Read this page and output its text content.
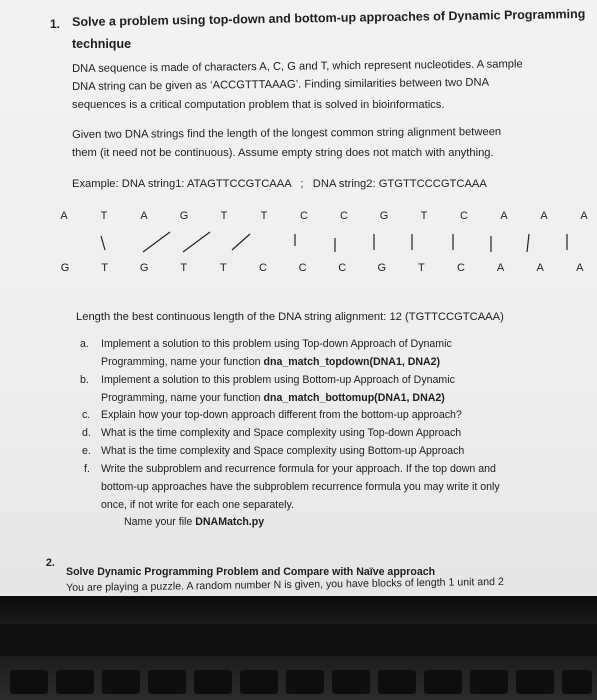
1. Solve a problem using top-down and bottom-up approaches of Dynamic Programming
technique
DNA sequence is made of characters A, C, G and T, which represent nucleotides. A sample
DNA string can be given as ‘ACCGTTTAAAG’. Finding similarities between two DNA
sequences is a critical computation problem that is solved in bioinformatics.
Given two DNA strings find the length of the longest common string alignment between
them (it need not be continuous). Assume empty string does not match with anything.
Example: DNA string1: ATAGTTCCGTCAAA   ;   DNA string2: GTGTTCCCGTCAAA
A	T	A	G	T	T	C	C	G	T	C	A	A	A
G	T	G	T	T	C	C	C	G	T	C	A	A	A
Length the best continuous length of the DNA string alignment: 12 (TGTTCCGTCAAA)
a. Implement a solution to this problem using Top-down Approach of Dynamic
Programming, name your function dna_match_topdown(DNA1, DNA2)
b. Implement a solution to this problem using Bottom-up Approach of Dynamic
Programming, name your function dna_match_bottomup(DNA1, DNA2)
c. Explain how your top-down approach different from the bottom-up approach?
d. What is the time complexity and Space complexity using Top-down Approach
e. What is the time complexity and Space complexity using Bottom-up Approach
f. Write the subproblem and recurrence formula for your approach. If the top down and
bottom-up approaches have the subproblem recurrence formula you may write it only
once, if not write for each one separately.
Name your file DNAMatch.py
2.
Solve Dynamic Programming Problem and Compare with Naïve approach
You are playing a puzzle. A random number N is given, you have blocks of length 1 unit and 2
